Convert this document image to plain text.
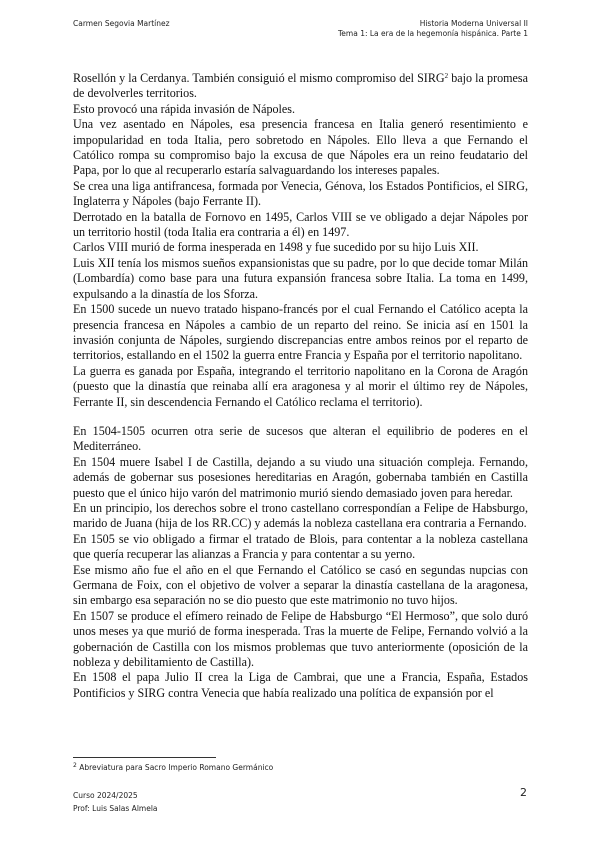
Carmen Segovia Martínez	Historia Moderna Universal II
Tema 1: La era de la hegemonía hispánica. Parte 1

Rosellón y la Cerdanya. También consiguió el mismo compromiso del SIRG$^2$ bajo la promesa de devolverles territorios.

Esto provocó una rápida invasión de Nápoles.

Una vez asentado en Nápoles, esa presencia francesa en Italia generó resentimiento e impopularidad en toda Italia, pero sobretodo en Nápoles. Ello lleva a que Fernando el Católico rompa su compromiso bajo la excusa de que Nápoles era un reino feudatario del Papa, por lo que al recuperarlo estaría salvaguardando los intereses papales.

Se crea una liga antifrancesa, formada por Venecia, Génova, los Estados Pontificios, el SIRG, Inglaterra y Nápoles (bajo Ferrante II).

Derrotado en la batalla de Fornovo en 1495, Carlos VIII se ve obligado a dejar Nápoles por un territorio hostil (toda Italia era contraria a él) en 1497.

Carlos VIII murió de forma inesperada en 1498 y fue sucedido por su hijo Luis XII.

Luis XII tenía los mismos sueños expansionistas que su padre, por lo que decide tomar Milán (Lombardía) como base para una futura expansión francesa sobre Italia. La toma en 1499, expulsando a la dinastía de los Sforza.

En 1500 sucede un nuevo tratado hispano-francés por el cual Fernando el Católico acepta la presencia francesa en Nápoles a cambio de un reparto del reino. Se inicia así en 1501 la invasión conjunta de Nápoles, surgiendo discrepancias entre ambos reinos por el reparto de territorios, estallando en el 1502 la guerra entre Francia y España por el territorio napolitano.

La guerra es ganada por España, integrando el territorio napolitano en la Corona de Aragón (puesto que la dinastía que reinaba allí era aragonesa y al morir el último rey de Nápoles, Ferrante II, sin descendencia Fernando el Católico reclama el territorio).

En 1504-1505 ocurren otra serie de sucesos que alteran el equilibrio de poderes en el Mediterráneo.

En 1504 muere Isabel I de Castilla, dejando a su viudo una situación compleja. Fernando, además de gobernar sus posesiones hereditarias en Aragón, gobernaba también en Castilla puesto que el único hijo varón del matrimonio murió siendo demasiado joven para heredar.

En un principio, los derechos sobre el trono castellano correspondían a Felipe de Habsburgo, marido de Juana (hija de los RR.CC) y además la nobleza castellana era contraria a Fernando.

En 1505 se vio obligado a firmar el tratado de Blois, para contentar a la nobleza castellana que quería recuperar las alianzas a Francia y para contentar a su yerno.

Ese mismo año fue el año en el que Fernando el Católico se casó en segundas nupcias con Germana de Foix, con el objetivo de volver a separar la dinastía castellana de la aragonesa, sin embargo esa separación no se dio puesto que este matrimonio no tuvo hijos.

En 1507 se produce el efímero reinado de Felipe de Habsburgo “El Hermoso”, que solo duró unos meses ya que murió de forma inesperada. Tras la muerte de Felipe, Fernando volvió a la gobernación de Castilla con los mismos problemas que tuvo anteriormente (oposición de la nobleza y debilitamiento de Castilla).

En 1508 el papa Julio II crea la Liga de Cambrai, que une a Francia, España, Estados Pontificios y SIRG contra Venecia que había realizado una política de expansión por el

$^2$ Abreviatura para Sacro Imperio Romano Germánico
Curso 2024/2025
Prof: Luis Salas Almela
2
